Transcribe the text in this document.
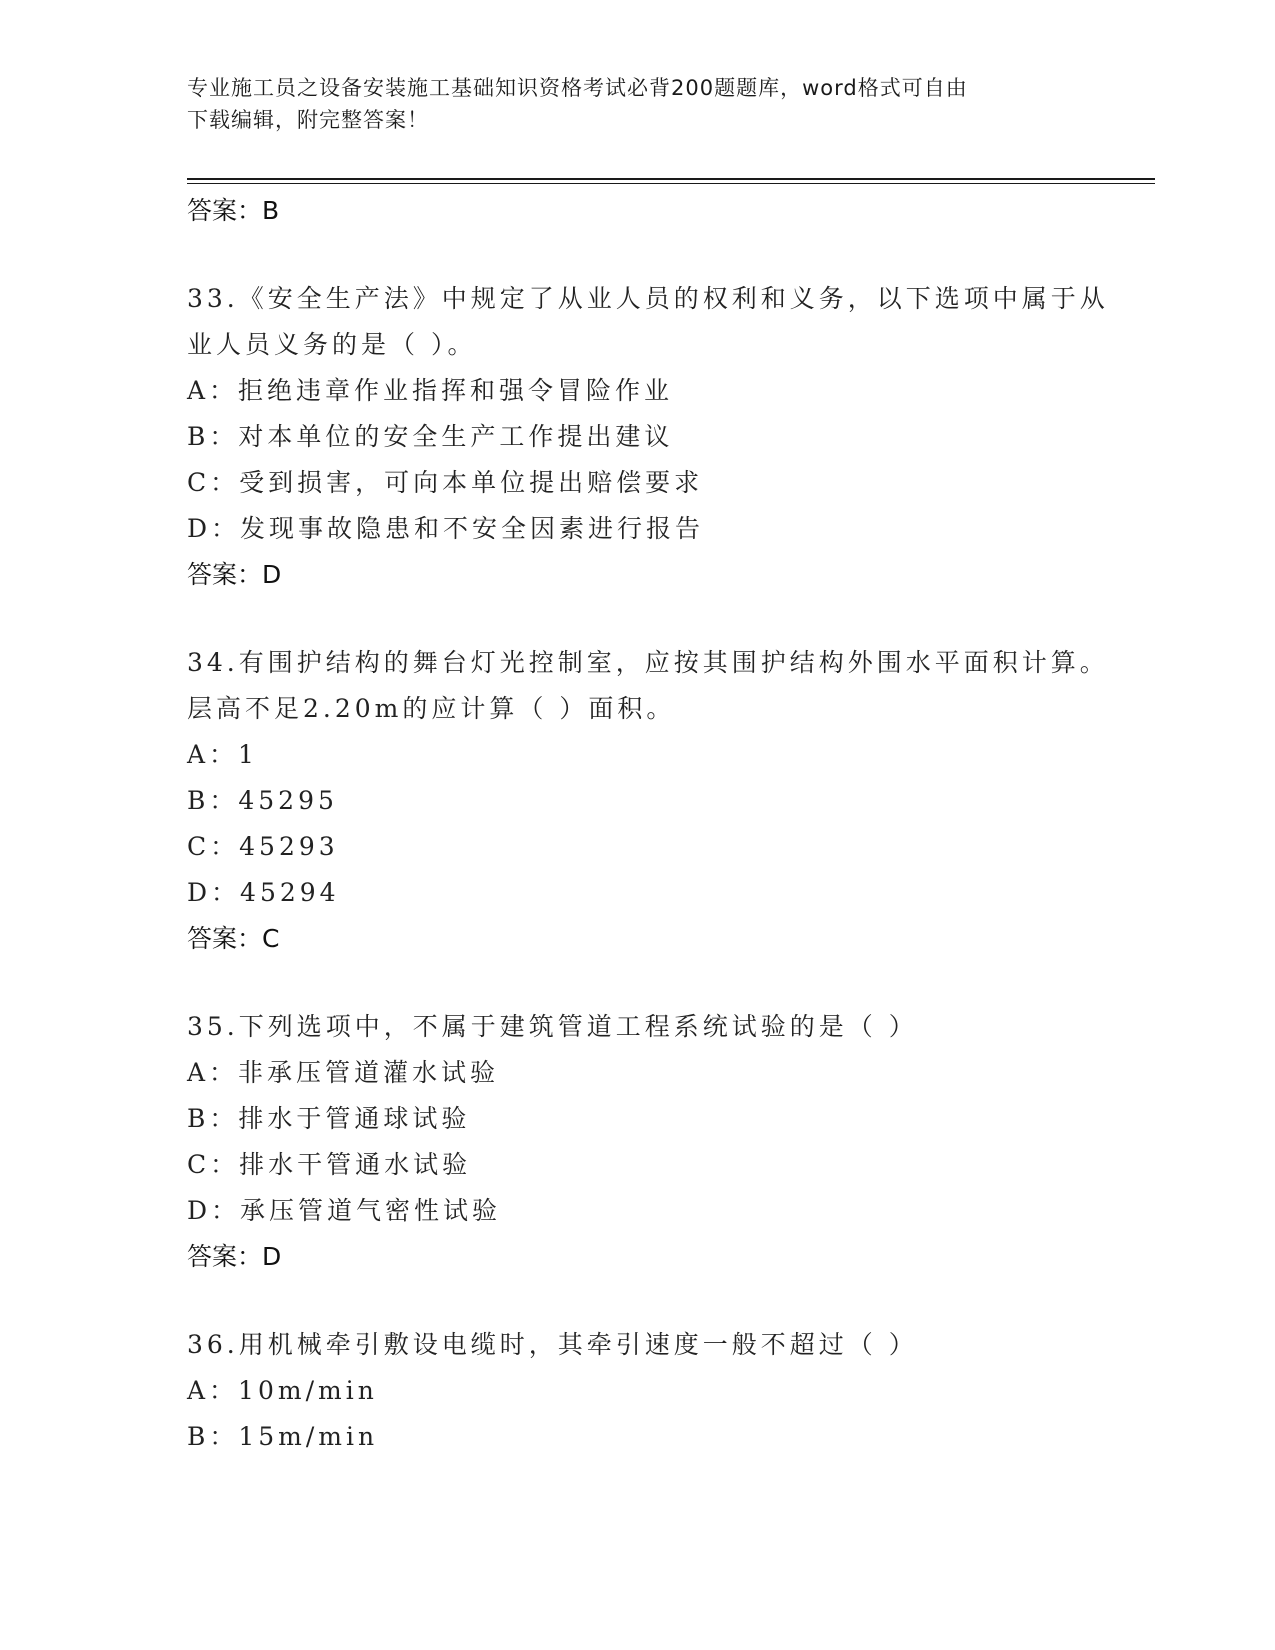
专业施工员之设备安装施工基础知识资格考试必背200题题库，word格式可自由
下载编辑，附完整答案！
答案：B
33.《安全生产法》中规定了从业人员的权利和义务，以下选项中属于从业人员义务的是（ ）。
A：拒绝违章作业指挥和强令冒险作业
B：对本单位的安全生产工作提出建议
C：受到损害，可向本单位提出赔偿要求
D：发现事故隐患和不安全因素进行报告
答案：D
34.有围护结构的舞台灯光控制室，应按其围护结构外围水平面积计算。层高不足2.20m的应计算（ ）面积。
A：1
B：45295
C：45293
D：45294
答案：C
35.下列选项中，不属于建筑管道工程系统试验的是（ ）
A：非承压管道灌水试验
B：排水于管通球试验
C：排水干管通水试验
D：承压管道气密性试验
答案：D
36.用机械牵引敷设电缆时，其牵引速度一般不超过（ ）
A：10m/min
B：15m/min
